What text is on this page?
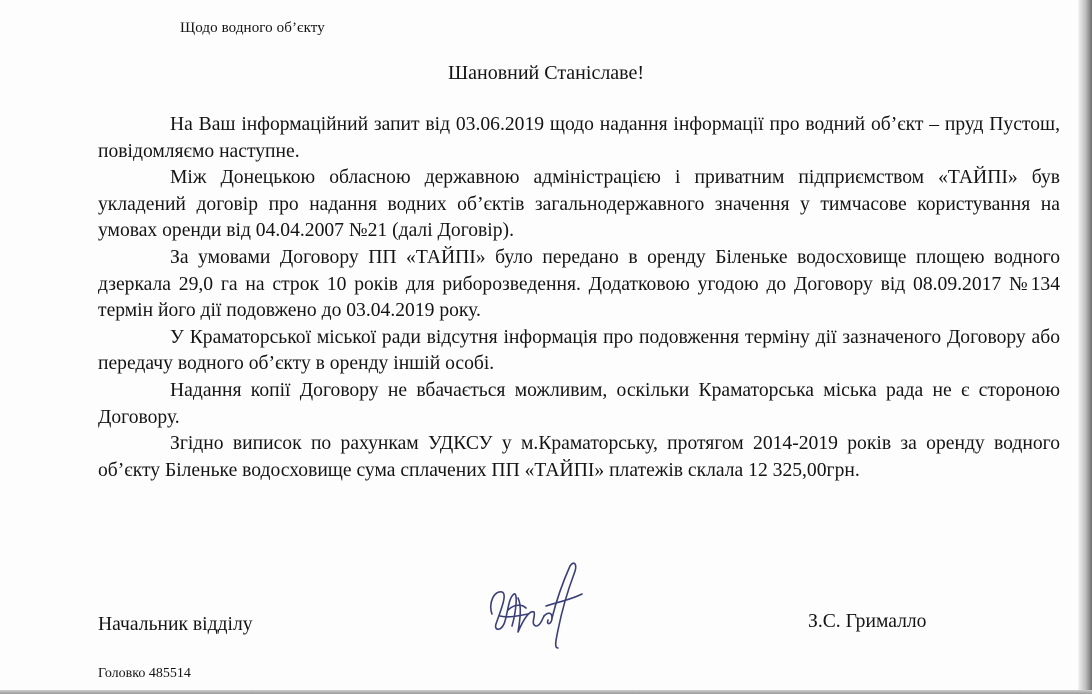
Щодо водного об’єкту
Шановний Станіславе!

На Ваш інформаційний запит від 03.06.2019 щодо надання інформації про водний об’єкт – пруд Пустош, повідомляємо наступне.

Між Донецькою обласною державною адміністрацією і приватним підприємством «ТАЙПІ» був укладений договір про надання водних об’єктів загальнодержавного значення у тимчасове користування на умовах оренди від 04.04.2007 №21 (далі Договір).

За умовами Договору ПП «ТАЙПІ» було передано в оренду Біленьке водосховище площею водного дзеркала 29,0 га на строк 10 років для риборозведення. Додатковою угодою до Договору від 08.09.2017 №134 термін його дії подовжено до 03.04.2019 року.

У Краматорської міської ради відсутня інформація про подовження терміну дії зазначеного Договору або передачу водного об’єкту в оренду іншій особі.

Надання копії Договору не вбачається можливим, оскільки Краматорська міська рада не є стороною Договору.

Згідно виписок по рахункам УДКСУ у м.Краматорську, протягом 2014-2019 років за оренду водного об’єкту Біленьке водосховище сума сплачених ПП «ТАЙПІ» платежів склала 12 325,00грн.

Начальник відділу	З.С. Грималло
Головко 485514
